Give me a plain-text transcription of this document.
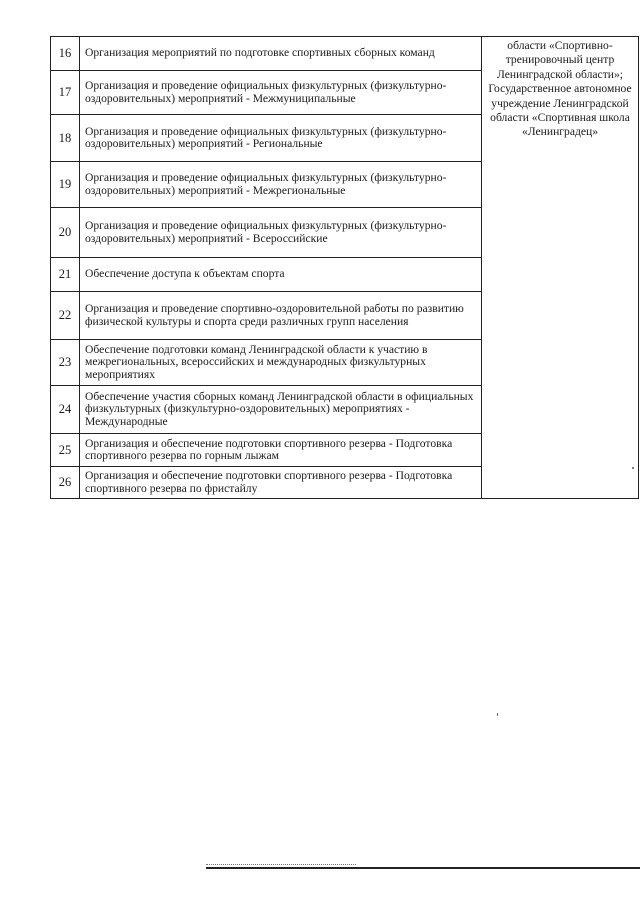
16	Организация мероприятий по подготовке спортивных сборных команд	области «Спортивно-тренировочный центр Ленинградской области»; Государственное автономное учреждение Ленинградской области «Спортивная школа «Ленинградец»
17	Организация и проведение официальных физкультурных (физкультурно-оздоровительных) мероприятий - Межмуниципальные	
18	Организация и проведение официальных физкультурных (физкультурно-оздоровительных) мероприятий - Региональные	
19	Организация и проведение официальных физкультурных (физкультурно-оздоровительных) мероприятий - Межрегиональные	
20	Организация и проведение официальных физкультурных (физкультурно-оздоровительных) мероприятий - Всероссийские	
21	Обеспечение доступа к объектам спорта	
22	Организация и проведение спортивно-оздоровительной работы по развитию физической культуры и спорта среди различных групп населения	
23	Обеспечение подготовки команд Ленинградской области к участию в межрегиональных, всероссийских и международных физкультурных мероприятиях	
24	Обеспечение участия сборных команд Ленинградской области в официальных физкультурных (физкультурно-оздоровительных) мероприятиях - Международные	
25	Организация и обеспечение подготовки спортивного резерва - Подготовка спортивного резерва по горным лыжам	
26	Организация и обеспечение подготовки спортивного резерва - Подготовка спортивного резерва по фристайлу	
